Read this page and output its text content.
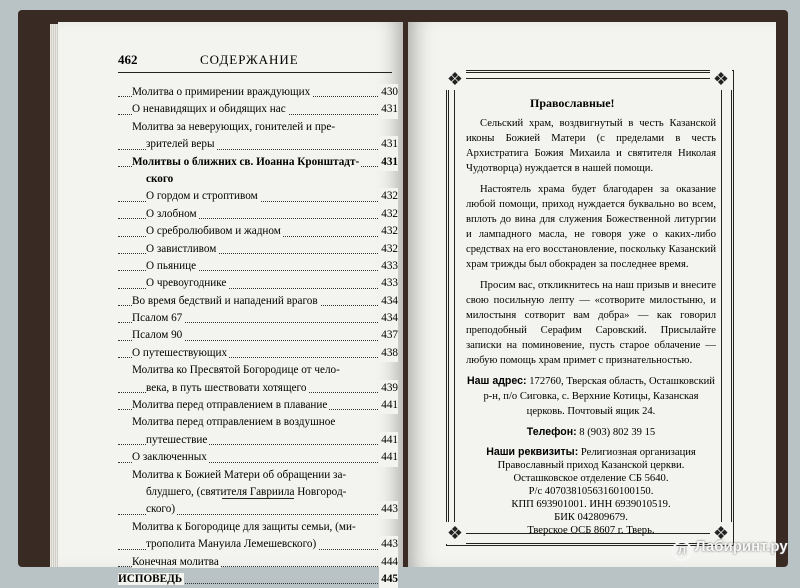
462	СОДЕРЖАНИЕ
Молитва о примирении враждующих	430
О ненавидящих и обидящих нас	431
Молитва за неверующих, гонителей и пре-
зрителей веры	431
Молитвы о ближних св. Иоанна Кронштадт- 431
ского
О гордом и строптивом	432
О злобном	432
О сребролюбивом и жадном	432
О завистливом	432
О пьянице	433
О чревоугоднике	433
Во время бедствий и нападений врагов	434
Псалом 67	434
Псалом 90	437
О путешествующих	438
Молитва ко Пресвятой Богородице от чело-
века, в путь шествовати хотящего	439
Молитва перед отправлением в плавание	441
Молитва перед отправлением в воздушное
путешествие	441
О заключенных	441
Молитва к Божией Матери об обращении за-
блудшего, (святителя Гавриила Новгород-
ского)	443
Молитва к Богородице для защиты семьи, (ми-
трополита Мануила Лемешевского)	443
Конечная молитва	444
ИСПОВЕДЬ	445
❖	❖
❖	❖
Православные!

Сельский храм, воздвигнутый в честь Казанской иконы Божией Матери (с пределами в честь Архистратига Божия Михаила и святителя Николая Чудотворца) нуждается в нашей помощи.

Настоятель храма будет благодарен за оказание любой помощи, приход нуждается буквально во всем, вплоть до вина для служения Божественной литургии и лампадного масла, не говоря уже о каких-либо средствах на его восстановление, поскольку Казанский храм трижды был обокраден за последнее время.

Просим вас, откликнитесь на наш призыв и внесите свою посильную лепту — «сотворите милостыню, и милостыня сотворит вам добра» — как говорил преподобный Серафим Саровский. Присылайте записки на поминовение, пусть старое облачение — любую помощь храм примет с признательностью.

Наш адрес: 172760, Тверская область, Осташковский р-н, п/о Сиговка, с. Верхние Котицы, Казанская церковь. Почтовый ящик 24.
Телефон: 8 (903) 802 39 15
Наши реквизиты: Религиозная организация
Православный приход Казанской церкви.
Осташковское отделение СБ 5640.
Р/с 40703810563160100150.
КПП 693901001. ИНН 6939010519.
БИК 042809679.
Тверское ОСБ 8607 г. Тверь.
Л Лабиринт.ру
